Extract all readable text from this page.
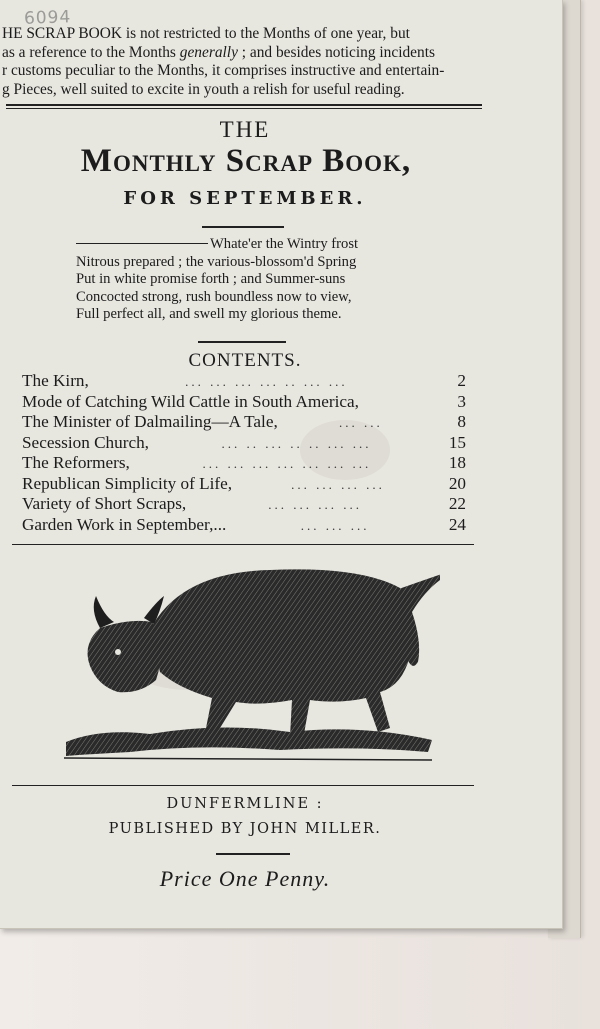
6094
HE SCRAP BOOK is not restricted to the Months of one year, but
as a reference to the Months generally ; and besides noticing incidents
r customs peculiar to the Months, it comprises instructive and entertain-
g Pieces, well suited to excite in youth a relish for useful reading.
THE
Monthly Scrap Book,
FOR SEPTEMBER.
Whate'er the Wintry frost
Nitrous prepared ; the various-blossom'd Spring
Put in white promise forth ; and Summer-suns
Concocted strong, rush boundless now to view,
Full perfect all, and swell my glorious theme.
CONTENTS.
The Kirn,	... ... ... ... .. ... ...	2
Mode of Catching Wild Cattle in South America,	3
The Minister of Dalmailing—A Tale,	... ...	8
Secession Church,	... .. ... .. .. ... ...	15
The Reformers,	... ... ... ... ... ... ...	18
Republican Simplicity of Life,	... ... ... ...	20
Variety of Short Scraps,	... ... ... ...	22
Garden Work in September,...	... ... ...	24
DUNFERMLINE :
PUBLISHED BY JOHN MILLER.
Price One Penny.
